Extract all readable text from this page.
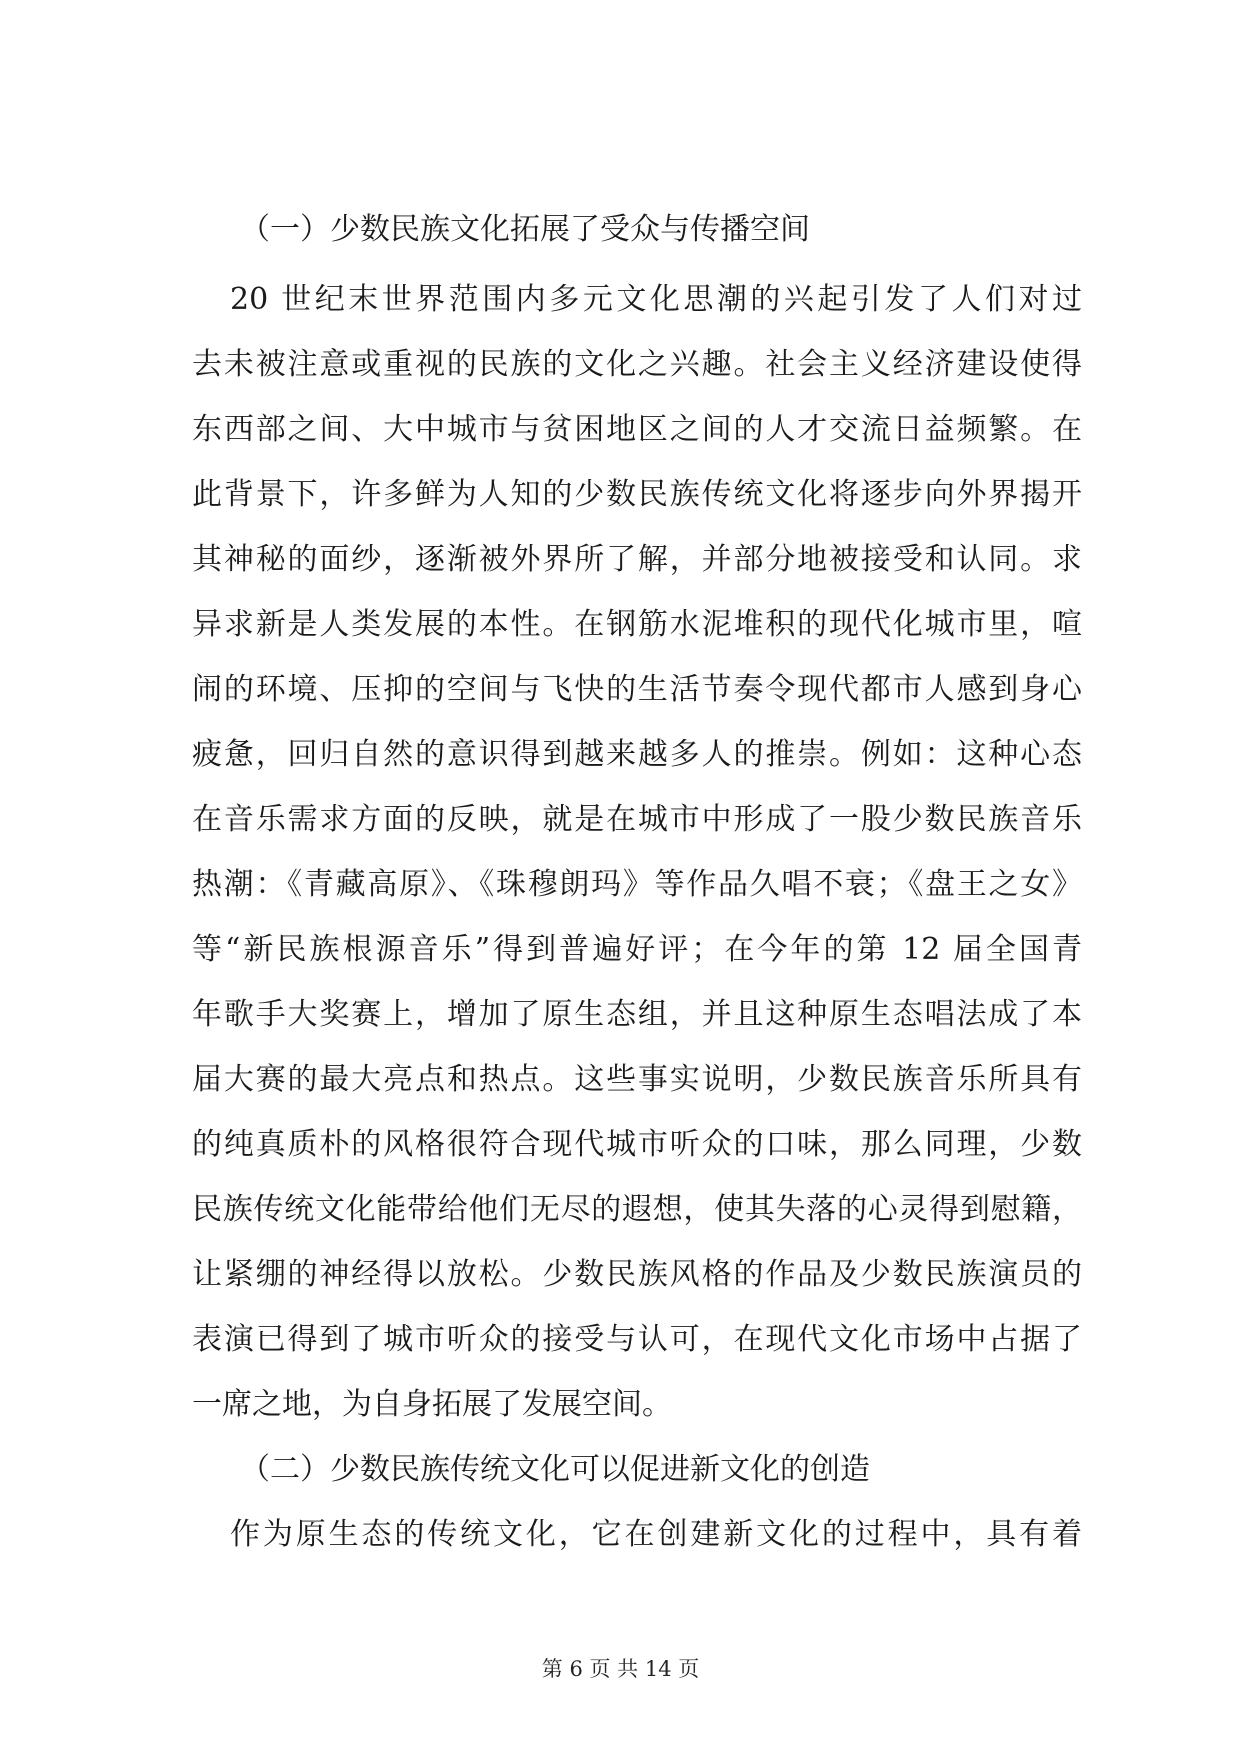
（一）少数民族文化拓展了受众与传播空间
20 世纪末世界范围内多元文化思潮的兴起引发了人们对过
去未被注意或重视的民族的文化之兴趣。社会主义经济建设使得
东西部之间、大中城市与贫困地区之间的人才交流日益频繁。在
此背景下，许多鲜为人知的少数民族传统文化将逐步向外界揭开
其神秘的面纱，逐渐被外界所了解，并部分地被接受和认同。求
异求新是人类发展的本性。在钢筋水泥堆积的现代化城市里，喧
闹的环境、压抑的空间与飞快的生活节奏令现代都市人感到身心
疲惫，回归自然的意识得到越来越多人的推崇。例如：这种心态
在音乐需求方面的反映，就是在城市中形成了一股少数民族音乐
热潮：《青藏高原》、《珠穆朗玛》等作品久唱不衰；《盘王之女》
等“新民族根源音乐”得到普遍好评；在今年的第 12 届全国青
年歌手大奖赛上，增加了原生态组，并且这种原生态唱法成了本
届大赛的最大亮点和热点。这些事实说明，少数民族音乐所具有
的纯真质朴的风格很符合现代城市听众的口味，那么同理，少数
民族传统文化能带给他们无尽的遐想，使其失落的心灵得到慰籍，
让紧绷的神经得以放松。少数民族风格的作品及少数民族演员的
表演已得到了城市听众的接受与认可，在现代文化市场中占据了
一席之地，为自身拓展了发展空间。
（二）少数民族传统文化可以促进新文化的创造
作为原生态的传统文化，它在创建新文化的过程中，具有着
第 6 页 共 14 页
